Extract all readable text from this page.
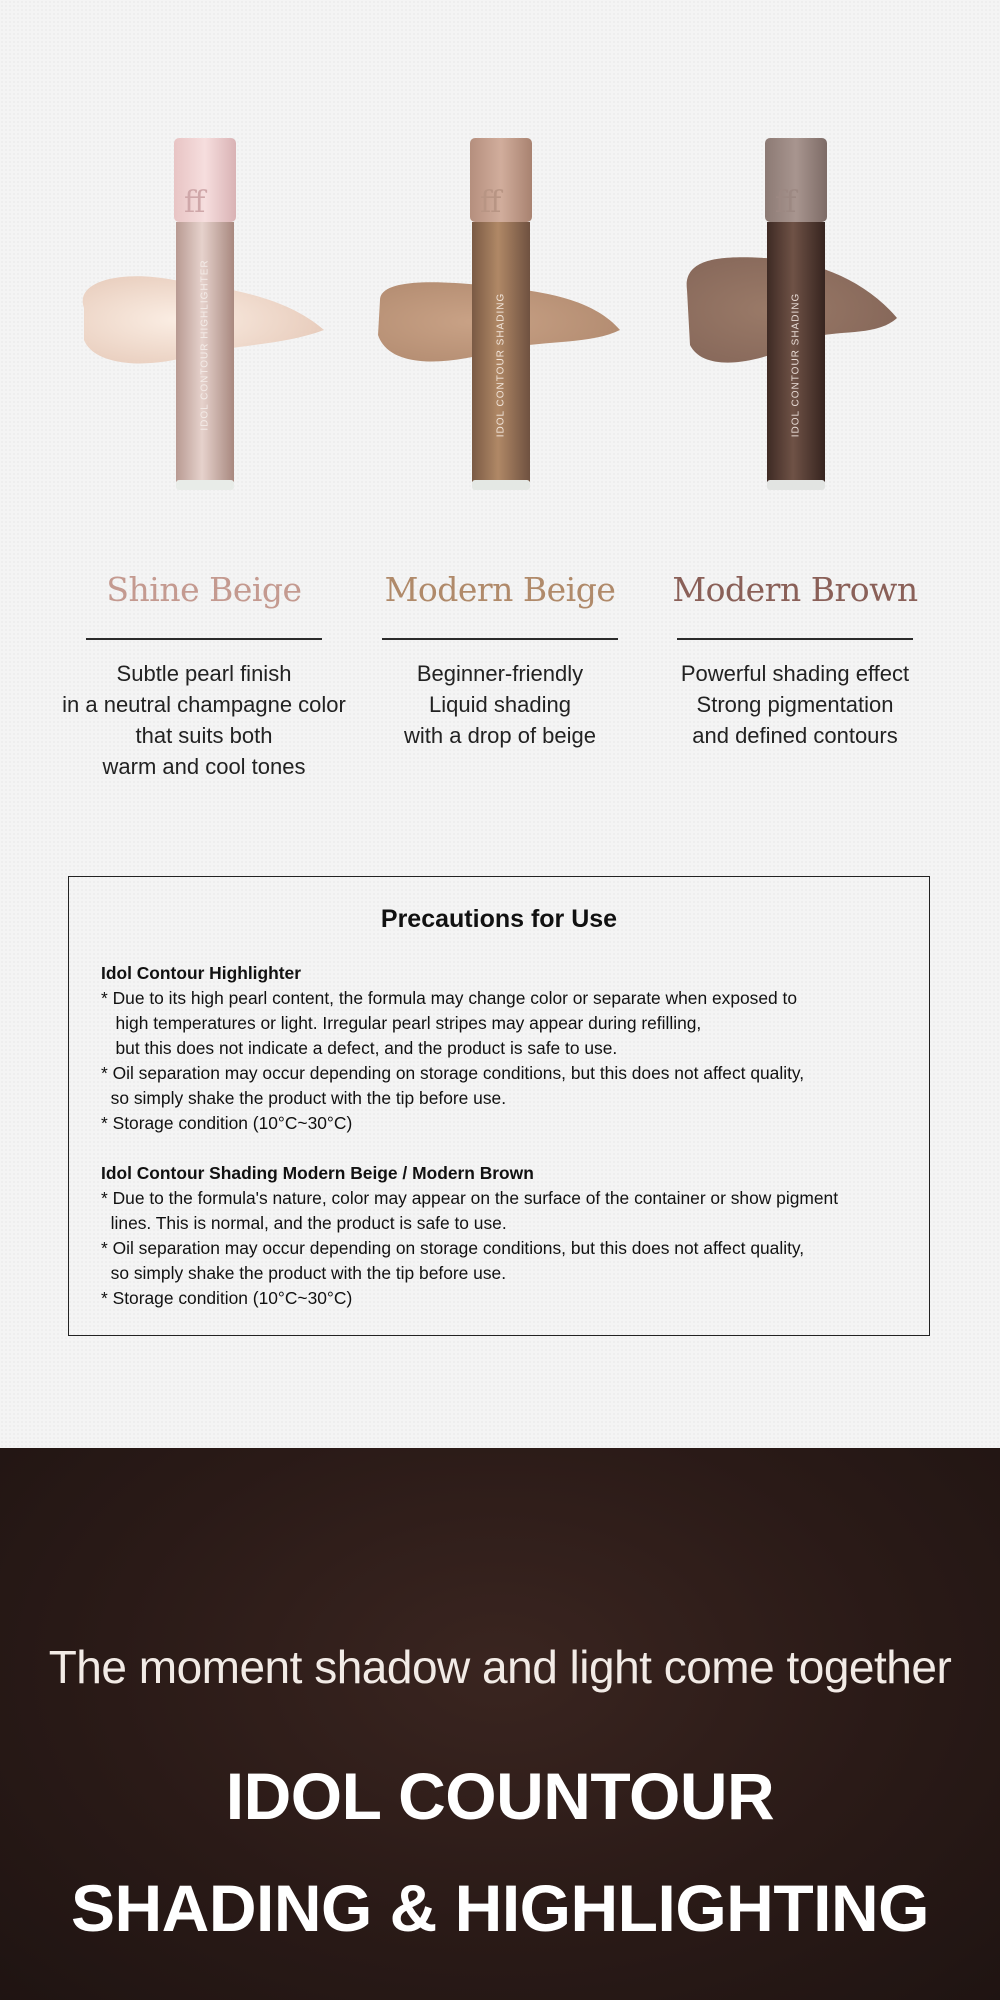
ff
IDOL CONTOUR HIGHLIGHTER
Shine Beige
Subtle pearl finish
in a neutral champagne color
that suits both
warm and cool tones
ff
IDOL CONTOUR SHADING
Modern Beige
Beginner-friendly
Liquid shading
with a drop of beige
ff
IDOL CONTOUR SHADING
Modern Brown
Powerful shading effect
Strong pigmentation
and defined contours
Precautions for Use
Idol Contour Highlighter
* Due to its high pearl content, the formula may change color or separate when exposed to
high temperatures or light. Irregular pearl stripes may appear during refilling,
but this does not indicate a defect, and the product is safe to use.
* Oil separation may occur depending on storage conditions, but this does not affect quality,
so simply shake the product with the tip before use.
* Storage condition (10°C~30°C)
Idol Contour Shading Modern Beige / Modern Brown
* Due to the formula's nature, color may appear on the surface of the container or show pigment
lines. This is normal, and the product is safe to use.
* Oil separation may occur depending on storage conditions, but this does not affect quality,
so simply shake the product with the tip before use.
* Storage condition (10°C~30°C)
The moment shadow and light come together
IDOL COUNTOUR
SHADING & HIGHLIGHTING
